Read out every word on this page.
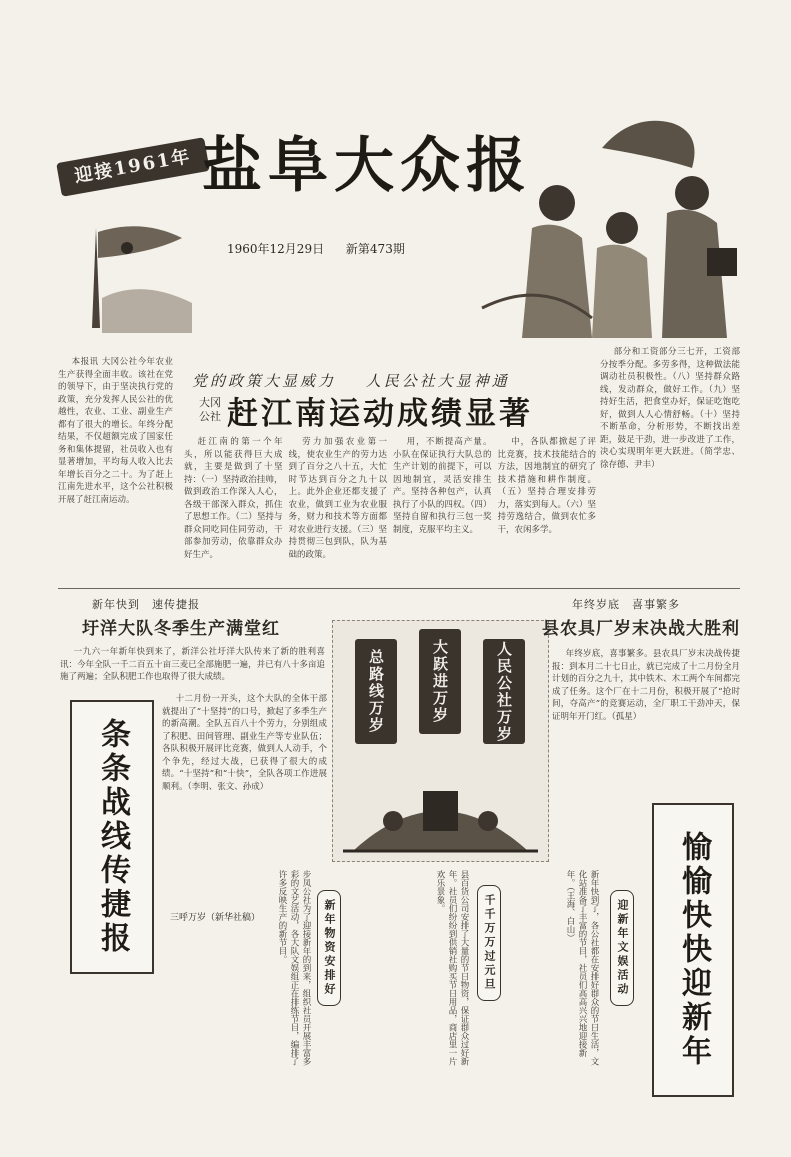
迎接1961年 盐阜大众报
1960年12月29日 新第473期

本报讯 大冈公社今年农业生产获得全面丰收。该社在党的领导下，由于坚决执行党的政策，充分发挥人民公社的优越性，农业、工业、副业生产都有了很大的增长。年终分配结果，不仅超额完成了国家任务和集体提留，社员收入也有显著增加，平均每人收入比去年增长百分之二十。为了赶上江南先进水平，这个公社积极开展了赶江南运动。

党的政策大显威力 人民公社大显神通
大冈公社 赶江南运动成绩显著

赶江南的第一个年头，所以能获得巨大成就，主要是做到了十坚持：（一）坚持政治挂帅，做到政治工作深入人心，各级干部深入群众，抓住了思想工作。（二）坚持与群众同吃同住同劳动，干部参加劳动，依靠群众办好生产。

劳力加强农业第一线，使农业生产的劳力达到了百分之八十五，大忙时节达到百分之九十以上。此外企业还都支援了农业，做到工业为农业服务，财力和技术等方面都对农业进行支援。（三）坚持贯彻三包到队，队为基础的政策。

用，不断提高产量。小队在保证执行大队总的生产计划的前提下，可以因地制宜，灵活安排生产。坚持各种包产，认真执行了小队的四权。（四）坚持自留和执行三包一奖制度，克服平均主义。

中，各队都掀起了评比竞赛，技术技能结合的方法，因地制宜的研究了技术措施和耕作制度。（五）坚持合理安排劳力，落实到每人。（六）坚持劳逸结合，做到农忙多干，农闲多学。

部分和工资部分三七开，工资部分按季分配。多劳多得，这种做法能调动社员积极性。（八）坚持群众路线，发动群众，做好工作。（九）坚持好生活，把食堂办好，保证吃饱吃好，做到人人心情舒畅。（十）坚持不断革命，分析形势，不断找出差距，鼓足干劲，进一步改进了工作，决心实现明年更大跃进。（简学忠、徐存德、尹丰）

新年快到　速传捷报
圩洋大队冬季生产满堂红

一九六一年新年快到来了，新洋公社圩洋大队传来了新的胜利喜讯：今年全队一千二百五十亩三麦已全部施肥一遍，并已有八十多亩追施了两遍；全队积肥工作也取得了很大成绩。

条条战线传捷报

十二月份一开头，这个大队的全体干部就提出了“十坚持”的口号，掀起了多季生产的新高潮。全队五百八十个劳力，分别组成了积肥、田间管理、副业生产等专业队伍；各队积极开展评比竞赛，做到人人动手，个个争先，经过大战，已获得了很大的成绩。“十坚持”和“十快”，全队各项工作进展顺利。（李明、张文、孙成）

三呼万岁（新华社稿）
总路线万岁	大跃进万岁	人民公社万岁
年终岁底　喜事繁多
县农具厂岁末决战大胜利

年终岁底，喜事繁多。县农具厂岁末决战传捷报：到本月二十七日止，就已完成了十二月份全月计划的百分之九十，其中铁木、木工两个车间都完成了任务。这个厂在十二月份，积极开展了“抢时间，夺高产”的竞赛运动，全厂职工干劲冲天，保证明年开门红。（孤星）

愉愉快快迎新年
步凤公社为了迎接新年的到来，组织社员开展丰富多彩的文艺活动，各大队文娱组正在排练节目，编排了许多反映生产的新节目。	新年物资安排好	县百货公司安排了大量的节日物资，保证群众过好新年。社员们纷纷到供销社购买节日用品，商店里一片欢乐景象。
千千万万过元旦	新年快到了，各公社都在安排好群众的节日生活，文化站准备了丰富的节目，社员们高高兴兴地迎接新年。（王海、白山）	迎新年文娱活动
